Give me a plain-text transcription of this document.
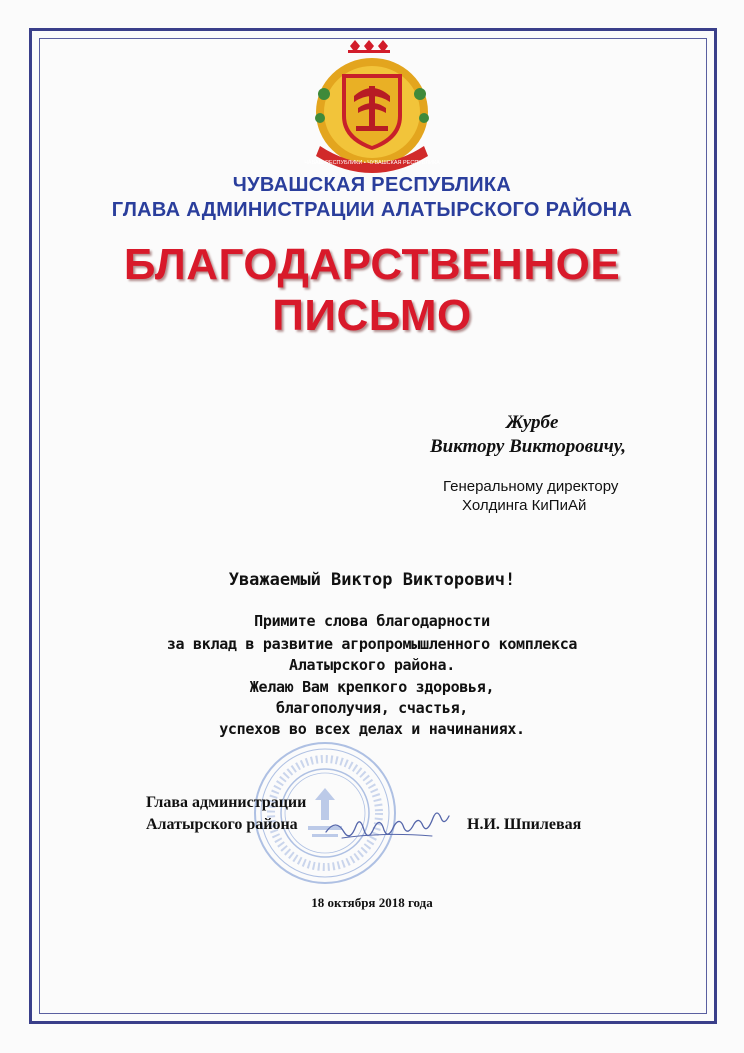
ЧĂВАШ РЕСПУБЛИКИ • ЧУВАШСКАЯ РЕСПУБЛИКА
ЧУВАШСКАЯ РЕСПУБЛИКА
ГЛАВА АДМИНИСТРАЦИИ АЛАТЫРСКОГО РАЙОНА
БЛАГОДАРСТВЕННОЕ
ПИСЬМО
Журбе
Виктору Викторовичу,
Генеральному директору
Холдинга КиПиАй
Уважаемый Виктор Викторович!
Примите слова благодарности
за вклад в развитие агропромышленного комплекса
Алатырского района.
Желаю Вам крепкого здоровья,
благополучия, счастья,
успехов во всех делах и начинаниях.
Глава администрации
Алатырского района	Н.И. Шпилевая
18 октября 2018 года
